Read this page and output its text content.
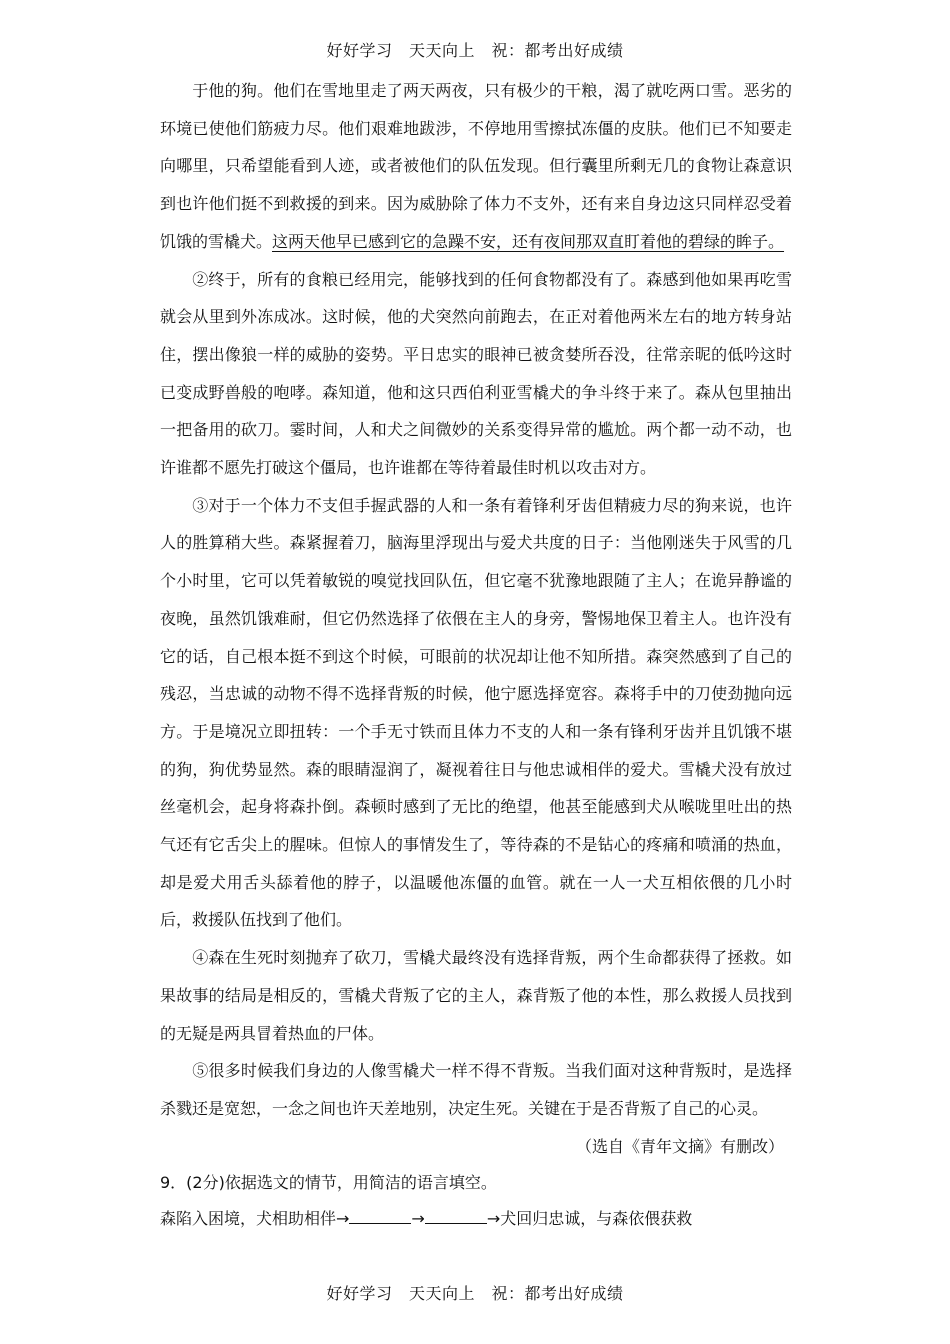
好好学习　天天向上　祝：都考出好成绩

于他的狗。他们在雪地里走了两天两夜，只有极少的干粮，渴了就吃两口雪。恶劣的环境已使他们筋疲力尽。他们艰难地跋涉，不停地用雪擦拭冻僵的皮肤。他们已不知要走向哪里，只希望能看到人迹，或者被他们的队伍发现。但行囊里所剩无几的食物让森意识到也许他们挺不到救援的到来。因为威胁除了体力不支外，还有来自身边这只同样忍受着饥饿的雪橇犬。这两天他早已感到它的急躁不安，还有夜间那双直盯着他的碧绿的眸子。

②终于，所有的食粮已经用完，能够找到的任何食物都没有了。森感到他如果再吃雪就会从里到外冻成冰。这时候，他的犬突然向前跑去，在正对着他两米左右的地方转身站住，摆出像狼一样的威胁的姿势。平日忠实的眼神已被贪婪所吞没，往常亲昵的低吟这时已变成野兽般的咆哮。森知道，他和这只西伯利亚雪橇犬的争斗终于来了。森从包里抽出一把备用的砍刀。霎时间，人和犬之间微妙的关系变得异常的尴尬。两个都一动不动，也许谁都不愿先打破这个僵局，也许谁都在等待着最佳时机以攻击对方。

③对于一个体力不支但手握武器的人和一条有着锋利牙齿但精疲力尽的狗来说，也许人的胜算稍大些。森紧握着刀，脑海里浮现出与爱犬共度的日子：当他刚迷失于风雪的几个小时里，它可以凭着敏锐的嗅觉找回队伍，但它毫不犹豫地跟随了主人；在诡异静谧的夜晚，虽然饥饿难耐，但它仍然选择了依偎在主人的身旁，警惕地保卫着主人。也许没有它的话，自己根本挺不到这个时候，可眼前的状况却让他不知所措。森突然感到了自己的残忍，当忠诚的动物不得不选择背叛的时候，他宁愿选择宽容。森将手中的刀使劲抛向远方。于是境况立即扭转：一个手无寸铁而且体力不支的人和一条有锋利牙齿并且饥饿不堪的狗，狗优势显然。森的眼睛湿润了，凝视着往日与他忠诚相伴的爱犬。雪橇犬没有放过丝毫机会，起身将森扑倒。森顿时感到了无比的绝望，他甚至能感到犬从喉咙里吐出的热气还有它舌尖上的腥味。但惊人的事情发生了，等待森的不是钻心的疼痛和喷涌的热血，却是爱犬用舌头舔着他的脖子，以温暖他冻僵的血管。就在一人一犬互相依偎的几小时后，救援队伍找到了他们。

④森在生死时刻抛弃了砍刀，雪橇犬最终没有选择背叛，两个生命都获得了拯救。如果故事的结局是相反的，雪橇犬背叛了它的主人，森背叛了他的本性，那么救援人员找到的无疑是两具冒着热血的尸体。

⑤很多时候我们身边的人像雪橇犬一样不得不背叛。当我们面对这种背叛时，是选择杀戮还是宽恕，一念之间也许天差地别，决定生死。关键在于是否背叛了自己的心灵。

（选自《青年文摘》有删改）

9．(2分)依据选文的情节，用简洁的语言填空。

森陷入困境，犬相助相伴→	→	→犬回归忠诚，与森依偎获救

好好学习　天天向上　祝：都考出好成绩
